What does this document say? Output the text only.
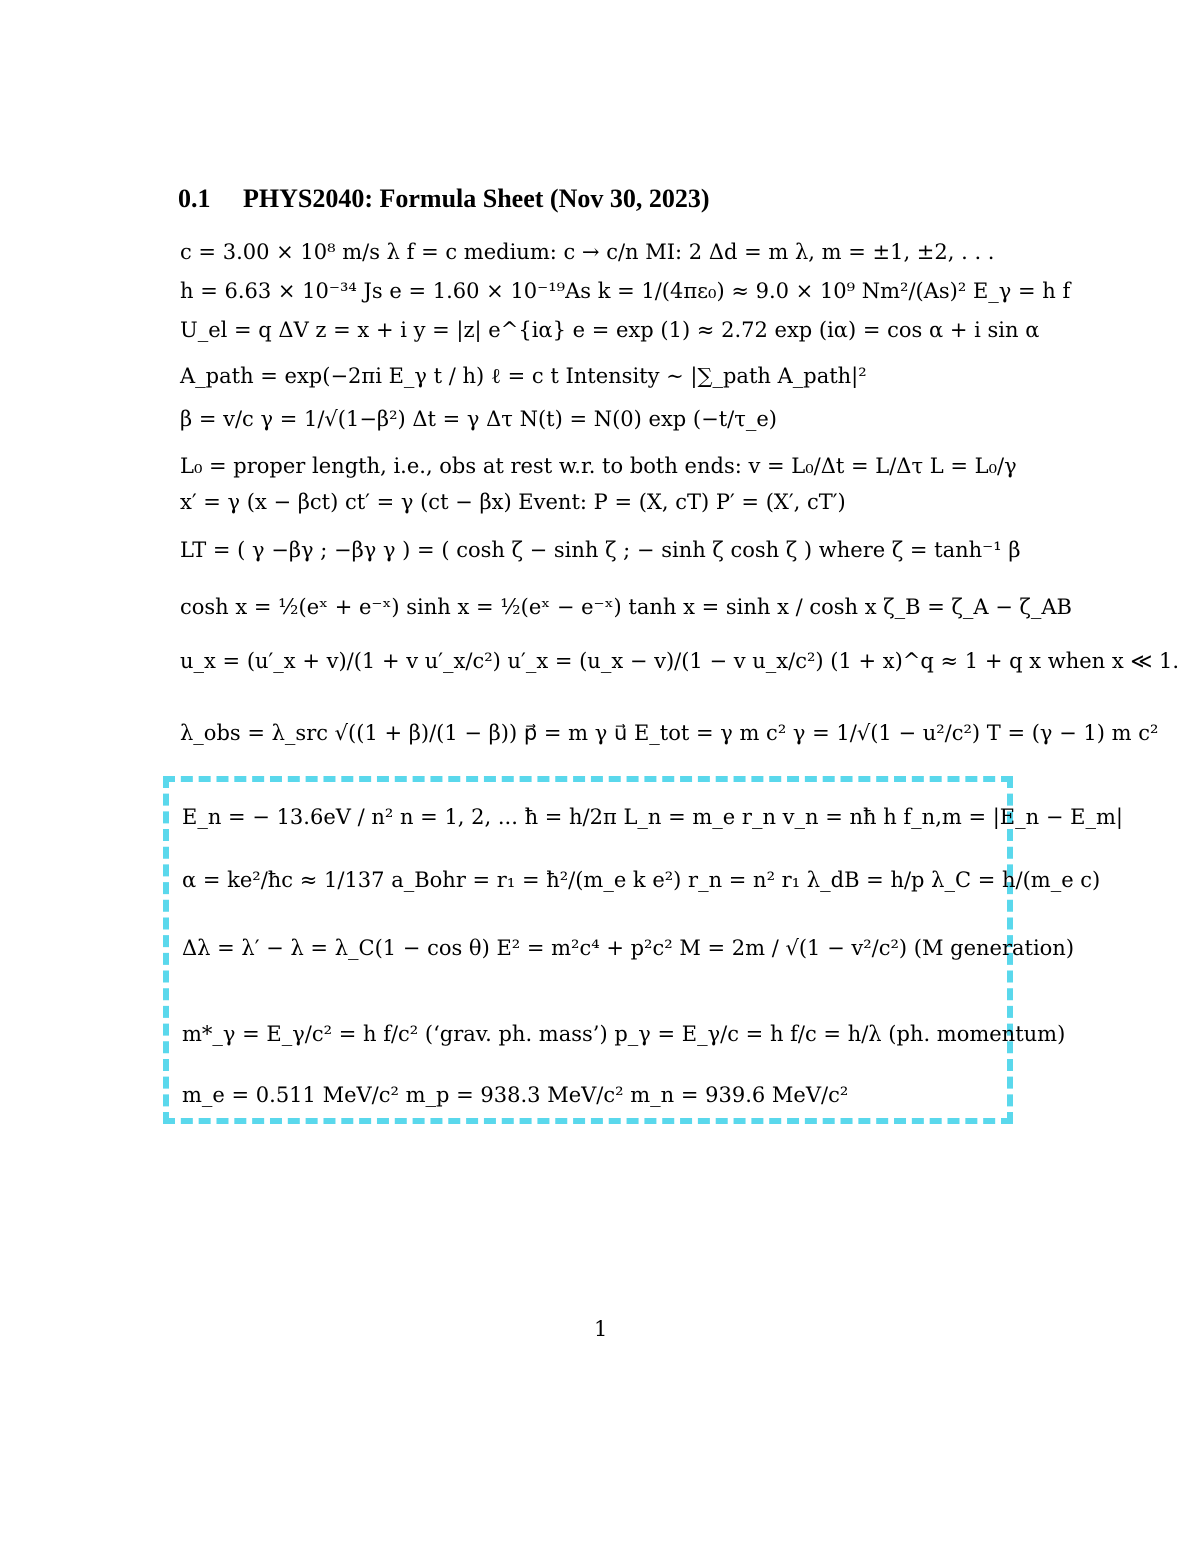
0.1 PHYS2040: Formula Sheet (Nov 30, 2023)
c = 3.00 × 10⁸ m/s λ f = c medium: c → c/n MI: 2 Δd = m λ, m = ±1, ±2, . . .
h = 6.63 × 10⁻³⁴ Js e = 1.60 × 10⁻¹⁹As k = 1/(4πε₀) ≈ 9.0 × 10⁹ Nm²/(As)² E_γ = h f
U_el = q ΔV z = x + i y = |z| e^{iα} e = exp (1) ≈ 2.72 exp (iα) = cos α + i sin α
A_path = exp(−2πi E_γ t / h) ℓ = c t Intensity ∼ |∑_path A_path|²
β = v/c γ = 1/√(1−β²) Δt = γ Δτ N(t) = N(0) exp (−t/τ_e)
L₀ = proper length, i.e., obs at rest w.r. to both ends: v = L₀/Δt = L/Δτ L = L₀/γ
x′ = γ (x − βct) ct′ = γ (ct − βx) Event: P = (X, cT) P′ = (X′, cT′)
LT = ( γ −βγ ; −βγ γ ) = ( cosh ζ − sinh ζ ; − sinh ζ cosh ζ ) where ζ = tanh⁻¹ β
cosh x = ½(eˣ + e⁻ˣ) sinh x = ½(eˣ − e⁻ˣ) tanh x = sinh x / cosh x ζ_B = ζ_A − ζ_AB
u_x = (u′_x + v)/(1 + v u′_x/c²) u′_x = (u_x − v)/(1 − v u_x/c²) (1 + x)^q ≈ 1 + q x when x ≪ 1.
λ_obs = λ_src √((1 + β)/(1 − β)) p⃗ = m γ u⃗ E_tot = γ m c² γ = 1/√(1 − u²/c²) T = (γ − 1) m c²
E_n = − 13.6eV / n² n = 1, 2, ... ħ = h/2π L_n = m_e r_n v_n = nħ h f_n,m = |E_n − E_m|
α = ke²/ħc ≈ 1/137 a_Bohr = r₁ = ħ²/(m_e k e²) r_n = n² r₁ λ_dB = h/p λ_C = h/(m_e c)
Δλ = λ′ − λ = λ_C(1 − cos θ) E² = m²c⁴ + p²c² M = 2m / √(1 − v²/c²) (M generation)
m*_γ = E_γ/c² = h f/c² (‘grav. ph. mass’) p_γ = E_γ/c = h f/c = h/λ (ph. momentum)
m_e = 0.511 MeV/c² m_p = 938.3 MeV/c² m_n = 939.6 MeV/c²
1
